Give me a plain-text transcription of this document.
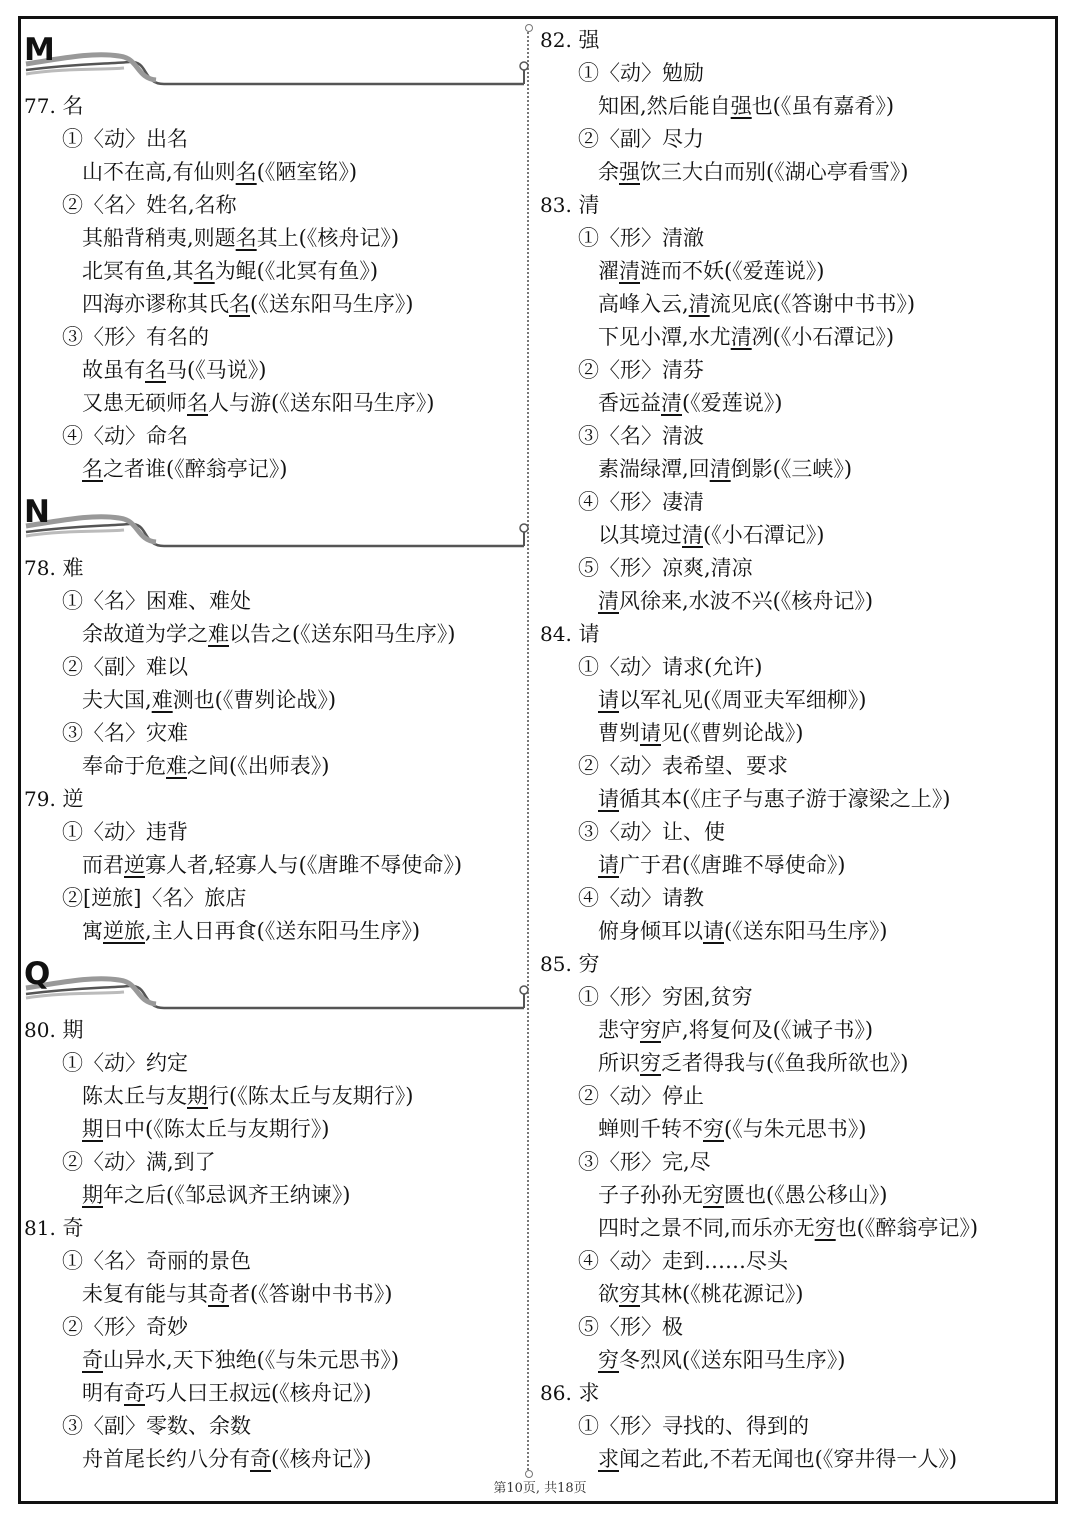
M
77. 名
①〈动〉出名
山不在高,有仙则名(《陋室铭》)
②〈名〉姓名,名称
其船背稍夷,则题名其上(《核舟记》)
北冥有鱼,其名为鲲(《北冥有鱼》)
四海亦谬称其氏名(《送东阳马生序》)
③〈形〉有名的
故虽有名马(《马说》)
又患无硕师名人与游(《送东阳马生序》)
④〈动〉命名
名之者谁(《醉翁亭记》)
N
78. 难
①〈名〉困难、难处
余故道为学之难以告之(《送东阳马生序》)
②〈副〉难以
夫大国,难测也(《曹刿论战》)
③〈名〉灾难
奉命于危难之间(《出师表》)
79. 逆
①〈动〉违背
而君逆寡人者,轻寡人与(《唐雎不辱使命》)
②[逆旅]〈名〉旅店
寓逆旅,主人日再食(《送东阳马生序》)
Q
80. 期
①〈动〉约定
陈太丘与友期行(《陈太丘与友期行》)
期日中(《陈太丘与友期行》)
②〈动〉满,到了
期年之后(《邹忌讽齐王纳谏》)
81. 奇
①〈名〉奇丽的景色
未复有能与其奇者(《答谢中书书》)
②〈形〉奇妙
奇山异水,天下独绝(《与朱元思书》)
明有奇巧人曰王叔远(《核舟记》)
③〈副〉零数、余数
舟首尾长约八分有奇(《核舟记》)
82. 强
①〈动〉勉励
知困,然后能自强也(《虽有嘉肴》)
②〈副〉尽力
余强饮三大白而别(《湖心亭看雪》)
83. 清
①〈形〉清澈
濯清涟而不妖(《爱莲说》)
高峰入云,清流见底(《答谢中书书》)
下见小潭,水尤清冽(《小石潭记》)
②〈形〉清芬
香远益清(《爱莲说》)
③〈名〉清波
素湍绿潭,回清倒影(《三峡》)
④〈形〉凄清
以其境过清(《小石潭记》)
⑤〈形〉凉爽,清凉
清风徐来,水波不兴(《核舟记》)
84. 请
①〈动〉请求(允许)
请以军礼见(《周亚夫军细柳》)
曹刿请见(《曹刿论战》)
②〈动〉表希望、要求
请循其本(《庄子与惠子游于濠梁之上》)
③〈动〉让、使
请广于君(《唐雎不辱使命》)
④〈动〉请教
俯身倾耳以请(《送东阳马生序》)
85. 穷
①〈形〉穷困,贫穷
悲守穷庐,将复何及(《诫子书》)
所识穷乏者得我与(《鱼我所欲也》)
②〈动〉停止
蝉则千转不穷(《与朱元思书》)
③〈形〉完,尽
子子孙孙无穷匮也(《愚公移山》)
四时之景不同,而乐亦无穷也(《醉翁亭记》)
④〈动〉走到……尽头
欲穷其林(《桃花源记》)
⑤〈形〉极
穷冬烈风(《送东阳马生序》)
86. 求
①〈形〉寻找的、得到的
求闻之若此,不若无闻也(《穿井得一人》)
第10页, 共18页
